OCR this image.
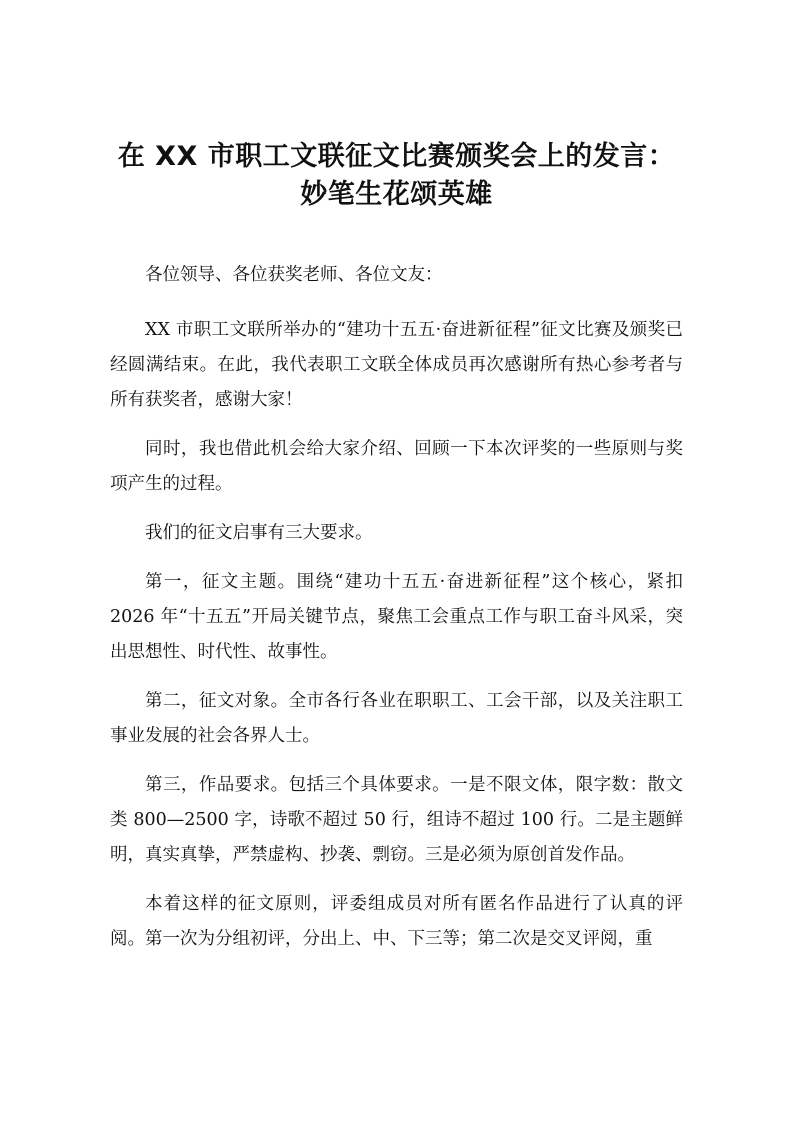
在 XX 市职工文联征文比赛颁奖会上的发言：
妙笔生花颂英雄

各位领导、各位获奖老师、各位文友：

XX 市职工文联所举办的“建功十五五·奋进新征程”征文比赛及颁奖已经圆满结束。在此，我代表职工文联全体成员再次感谢所有热心参考者与所有获奖者，感谢大家！

同时，我也借此机会给大家介绍、回顾一下本次评奖的一些原则与奖项产生的过程。

我们的征文启事有三大要求。

第一，征文主题。围绕“建功十五五·奋进新征程”这个核心，紧扣 2026 年“十五五”开局关键节点，聚焦工会重点工作与职工奋斗风采，突出思想性、时代性、故事性。

第二，征文对象。全市各行各业在职职工、工会干部，以及关注职工事业发展的社会各界人士。

第三，作品要求。包括三个具体要求。一是不限文体，限字数：散文类 800—2500 字，诗歌不超过 50 行，组诗不超过 100 行。二是主题鲜明，真实真挚，严禁虚构、抄袭、剽窃。三是必须为原创首发作品。

本着这样的征文原则，评委组成员对所有匿名作品进行了认真的评阅。第一次为分组初评，分出上、中、下三等；第二次是交叉评阅，重
